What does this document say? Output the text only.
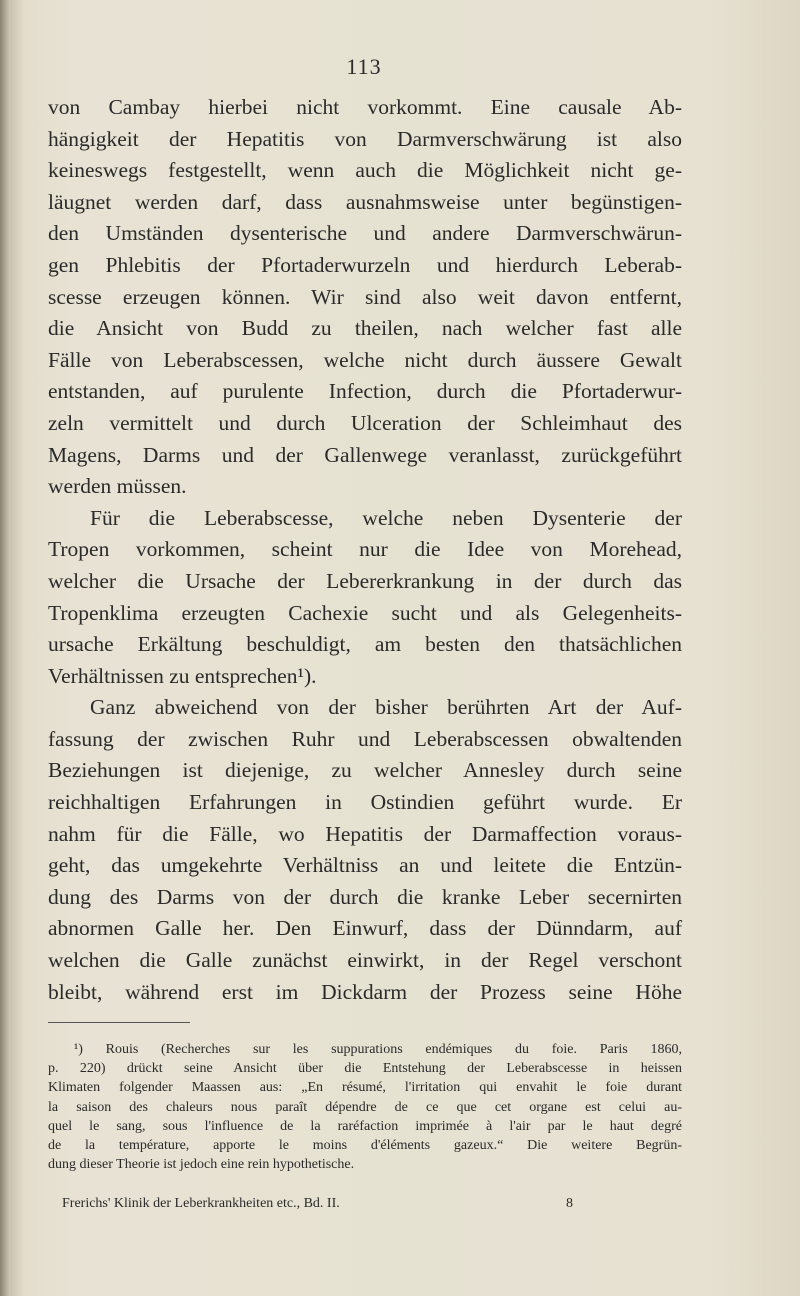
113
von Cambay hierbei nicht vorkommt. Eine causale Ab-
hängigkeit der Hepatitis von Darmverschwärung ist also
keineswegs festgestellt, wenn auch die Möglichkeit nicht ge-
läugnet werden darf, dass ausnahmsweise unter begünstigen-
den Umständen dysenterische und andere Darmverschwärun-
gen Phlebitis der Pfortaderwurzeln und hierdurch Leberab-
scesse erzeugen können. Wir sind also weit davon entfernt,
die Ansicht von Budd zu theilen, nach welcher fast alle
Fälle von Leberabscessen, welche nicht durch äussere Gewalt
entstanden, auf purulente Infection, durch die Pfortaderwur-
zeln vermittelt und durch Ulceration der Schleimhaut des
Magens, Darms und der Gallenwege veranlasst, zurückgeführt
werden müssen.
Für die Leberabscesse, welche neben Dysenterie der
Tropen vorkommen, scheint nur die Idee von Morehead,
welcher die Ursache der Lebererkrankung in der durch das
Tropenklima erzeugten Cachexie sucht und als Gelegenheits-
ursache Erkältung beschuldigt, am besten den thatsächlichen
Verhältnissen zu entsprechen¹).
Ganz abweichend von der bisher berührten Art der Auf-
fassung der zwischen Ruhr und Leberabscessen obwaltenden
Beziehungen ist diejenige, zu welcher Annesley durch seine
reichhaltigen Erfahrungen in Ostindien geführt wurde. Er
nahm für die Fälle, wo Hepatitis der Darmaffection voraus-
geht, das umgekehrte Verhältniss an und leitete die Entzün-
dung des Darms von der durch die kranke Leber secernirten
abnormen Galle her. Den Einwurf, dass der Dünndarm, auf
welchen die Galle zunächst einwirkt, in der Regel verschont
bleibt, während erst im Dickdarm der Prozess seine Höhe
¹) Rouis (Recherches sur les suppurations endémiques du foie. Paris 1860,
p. 220) drückt seine Ansicht über die Entstehung der Leberabscesse in heissen
Klimaten folgender Maassen aus: „En résumé, l'irritation qui envahit le foie durant
la saison des chaleurs nous paraît dépendre de ce que cet organe est celui au-
quel le sang, sous l'influence de la raréfaction imprimée à l'air par le haut degré
de la température, apporte le moins d'éléments gazeux.“ Die weitere Begrün-
dung dieser Theorie ist jedoch eine rein hypothetische.
Frerichs' Klinik der Leberkrankheiten etc., Bd. II.	8
